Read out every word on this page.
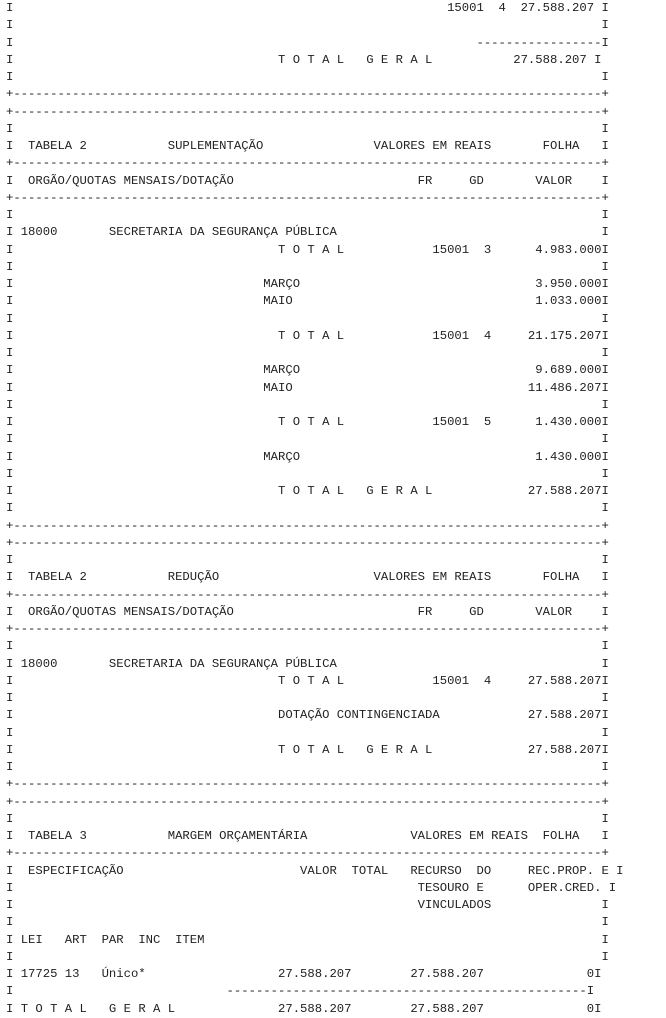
I                                                           15001  4  27.588.207 I
I                                                                                I
I                                                               -----------------I
I                                    T O T A L   G E R A L           27.588.207 I
I                                                                                I
+--------------------------------------------------------------------------------+
+--------------------------------------------------------------------------------+
I                                                                                I
I  TABELA 2           SUPLEMENTAÇÃO               VALORES EM REAIS       FOLHA   I
+--------------------------------------------------------------------------------+
I  ORGÃO/QUOTAS MENSAIS/DOTAÇÃO                         FR     GD       VALOR    I
+--------------------------------------------------------------------------------+
I                                                                                I
I 18000       SECRETARIA DA SEGURANÇA PÚBLICA                                    I
I                                    T O T A L            15001  3      4.983.000I
I                                                                                I
I                                  MARÇO                                3.950.000I
I                                  MAIO                                 1.033.000I
I                                                                                I
I                                    T O T A L            15001  4     21.175.207I
I                                                                                I
I                                  MARÇO                                9.689.000I
I                                  MAIO                                11.486.207I
I                                                                                I
I                                    T O T A L            15001  5      1.430.000I
I                                                                                I
I                                  MARÇO                                1.430.000I
I                                                                                I
I                                    T O T A L   G E R A L             27.588.207I
I                                                                                I
+--------------------------------------------------------------------------------+
+--------------------------------------------------------------------------------+
I                                                                                I
I  TABELA 2           REDUÇÃO                     VALORES EM REAIS       FOLHA   I
+--------------------------------------------------------------------------------+
I  ORGÃO/QUOTAS MENSAIS/DOTAÇÃO                         FR     GD       VALOR    I
+--------------------------------------------------------------------------------+
I                                                                                I
I 18000       SECRETARIA DA SEGURANÇA PÚBLICA                                    I
I                                    T O T A L            15001  4     27.588.207I
I                                                                                I
I                                    DOTAÇÃO CONTINGENCIADA            27.588.207I
I                                                                                I
I                                    T O T A L   G E R A L             27.588.207I
I                                                                                I
+--------------------------------------------------------------------------------+
+--------------------------------------------------------------------------------+
I                                                                                I
I  TABELA 3           MARGEM ORÇAMENTÁRIA              VALORES EM REAIS  FOLHA   I
+--------------------------------------------------------------------------------+
I  ESPECIFICAÇÃO                        VALOR  TOTAL   RECURSO  DO     REC.PROP. E I
I                                                       TESOURO E      OPER.CRED. I
I                                                       VINCULADOS               I
I                                                                                I
I LEI   ART  PAR  INC  ITEM                                                      I
I                                                                                I
I 17725 13   Único*                  27.588.207        27.588.207              0I
I                             -------------------------------------------------I
I T O T A L   G E R A L              27.588.207        27.588.207              0I
